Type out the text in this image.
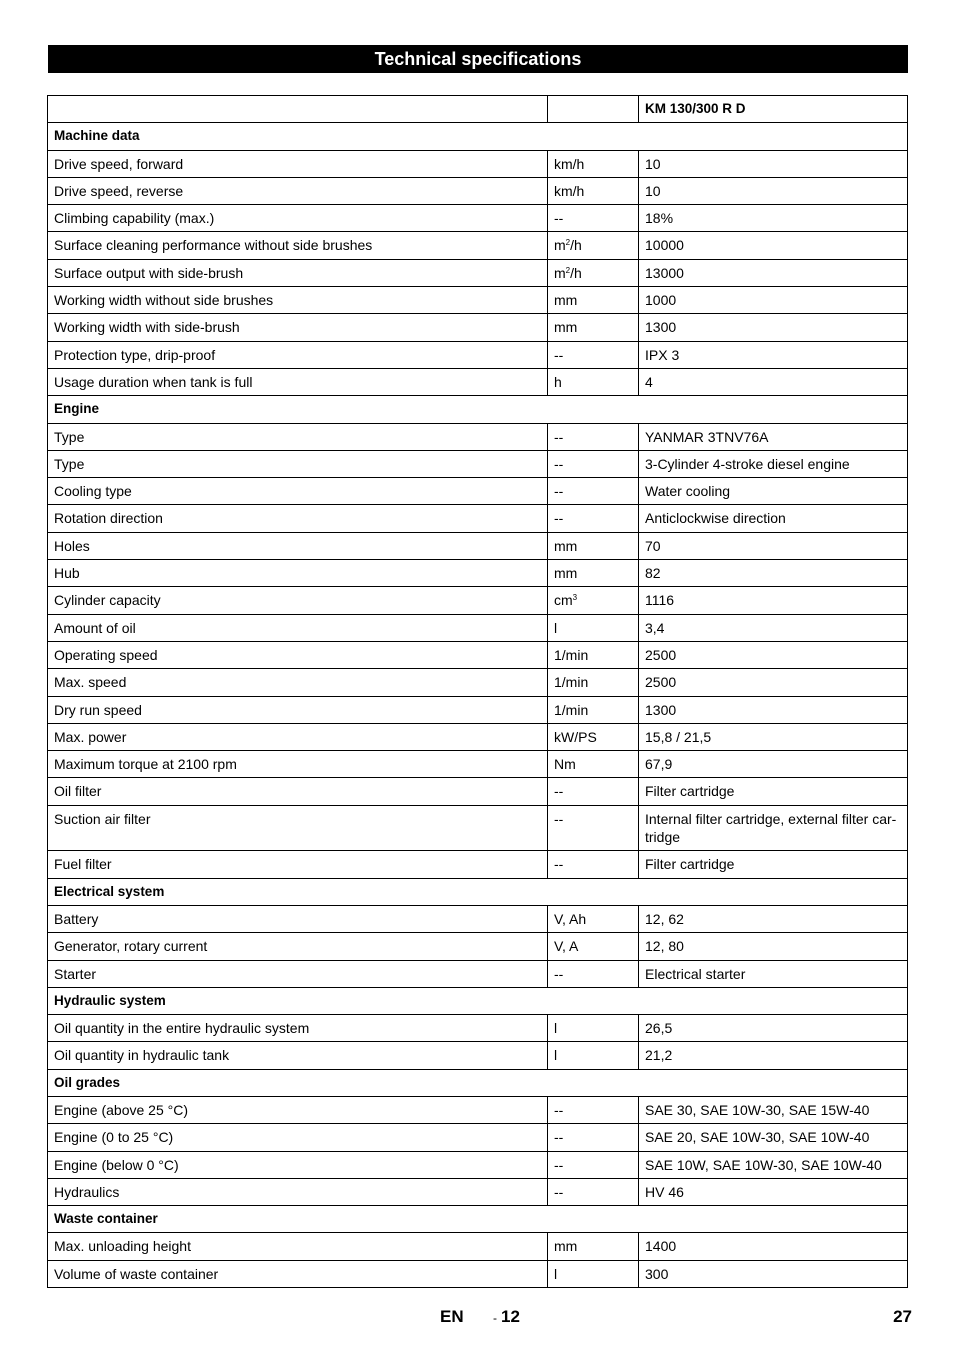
Technical specifications
		KM 130/300 R D
Machine data		
Drive speed, forward	km/h	10
Drive speed, reverse	km/h	10
Climbing capability (max.)	--	18%
Surface cleaning performance without side brushes	$m^2/h$	10000
Surface output with side-brush	$m^2/h$	13000
Working width without side brushes	mm	1000
Working width with side-brush	mm	1300
Protection type, drip-proof	--	IPX 3
Usage duration when tank is full	h	4
Engine		
Type	--	YANMAR 3TNV76A
Type	--	3-Cylinder 4-stroke diesel engine
Cooling type	--	Water cooling
Rotation direction	--	Anticlockwise direction
Holes	mm	70
Hub	mm	82
Cylinder capacity	$cm^3$	1116
Amount of oil	l	3,4
Operating speed	1/min	2500
Max. speed	1/min	2500
Dry run speed	1/min	1300
Max. power	kW/PS	15,8 / 21,5
Maximum torque at 2100 rpm	Nm	67,9
Oil filter	--	Filter cartridge
Suction air filter	--	Internal filter cartridge, external filter car-
tridge
Fuel filter	--	Filter cartridge
Electrical system		
Battery	V, Ah	12, 62
Generator, rotary current	V, A	12, 80
Starter	--	Electrical starter
Hydraulic system		
Oil quantity in the entire hydraulic system	l	26,5
Oil quantity in hydraulic tank	l	21,2
Oil grades		
Engine (above 25 °C)	--	SAE 30, SAE 10W-30, SAE 15W-40
Engine (0 to 25 °C)	--	SAE 20, SAE 10W-30, SAE 10W-40
Engine (below 0 °C)	--	SAE 10W, SAE 10W-30, SAE 10W-40
Hydraulics	--	HV 46
Waste container		
Max. unloading height	mm	1400
Volume of waste container	l	300
EN - 12	27
